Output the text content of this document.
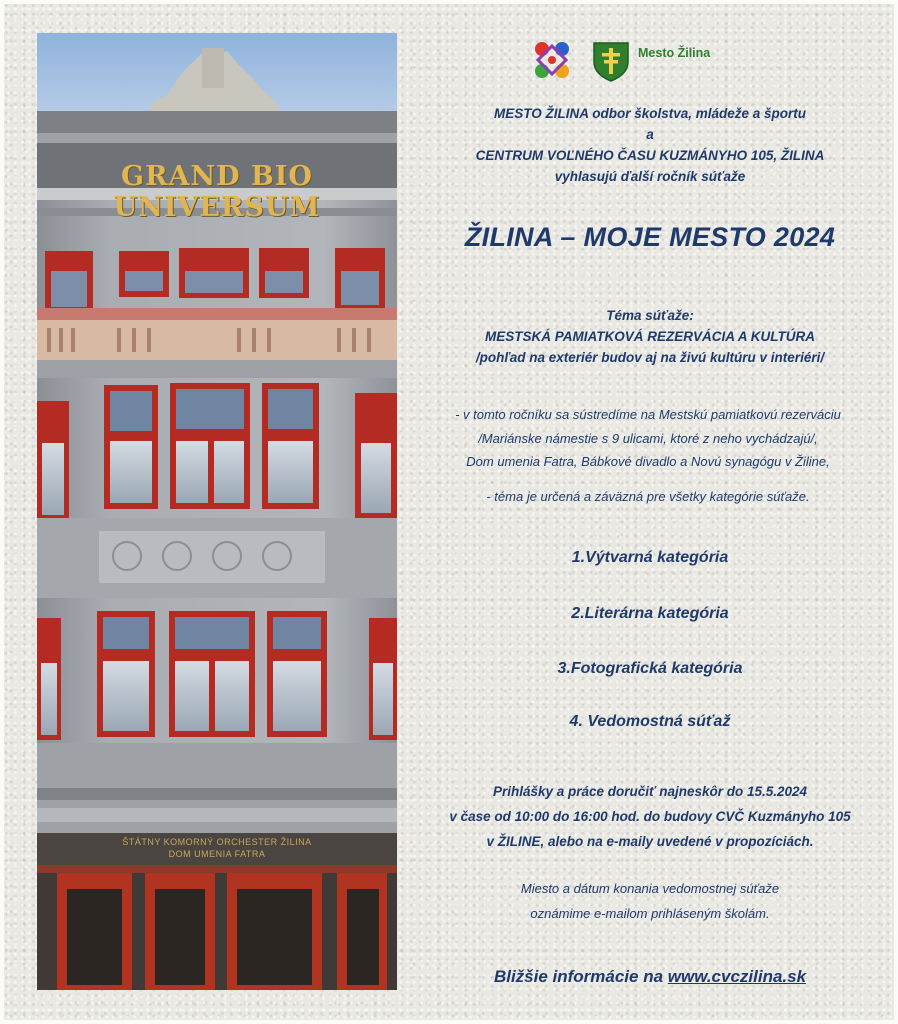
GRAND BIO UNIVERSUM
ŠTÁTNY KOMORNÝ ORCHESTER ŽILINA
DOM UMENIA FATRA
Mesto Žilina
MESTO ŽILINA odbor školstva, mládeže a športu
a
CENTRUM VOĽNÉHO ČASU KUZMÁNYHO 105, ŽILINA
vyhlasujú ďalší ročník súťaže
ŽILINA – MOJE MESTO 2024
Téma súťaže:
MESTSKÁ PAMIATKOVÁ REZERVÁCIA A KULTÚRA
/pohľad na exteriér budov aj na živú kultúru v interiéri/
- v tomto ročníku sa sústredíme na Mestskú pamiatkovú rezerváciu
/Mariánske námestie s 9 ulicami, ktoré z neho vychádzajú/,
Dom umenia Fatra, Bábkové divadlo a Novú synagógu v Žiline,
- téma je určená a záväzná pre všetky kategórie súťaže.
1.Výtvarná kategória
2.Literárna kategória
3.Fotografická kategória
4. Vedomostná súťaž
Prihlášky a práce doručiť najneskôr do 15.5.2024
v čase od 10:00 do 16:00 hod. do budovy CVČ Kuzmányho 105
v ŽILINE, alebo na e-maily uvedené v propozíciách.
Miesto a dátum konania vedomostnej súťaže
oznámime e-mailom prihláseným školám.
Bližšie informácie na www.cvczilina.sk
